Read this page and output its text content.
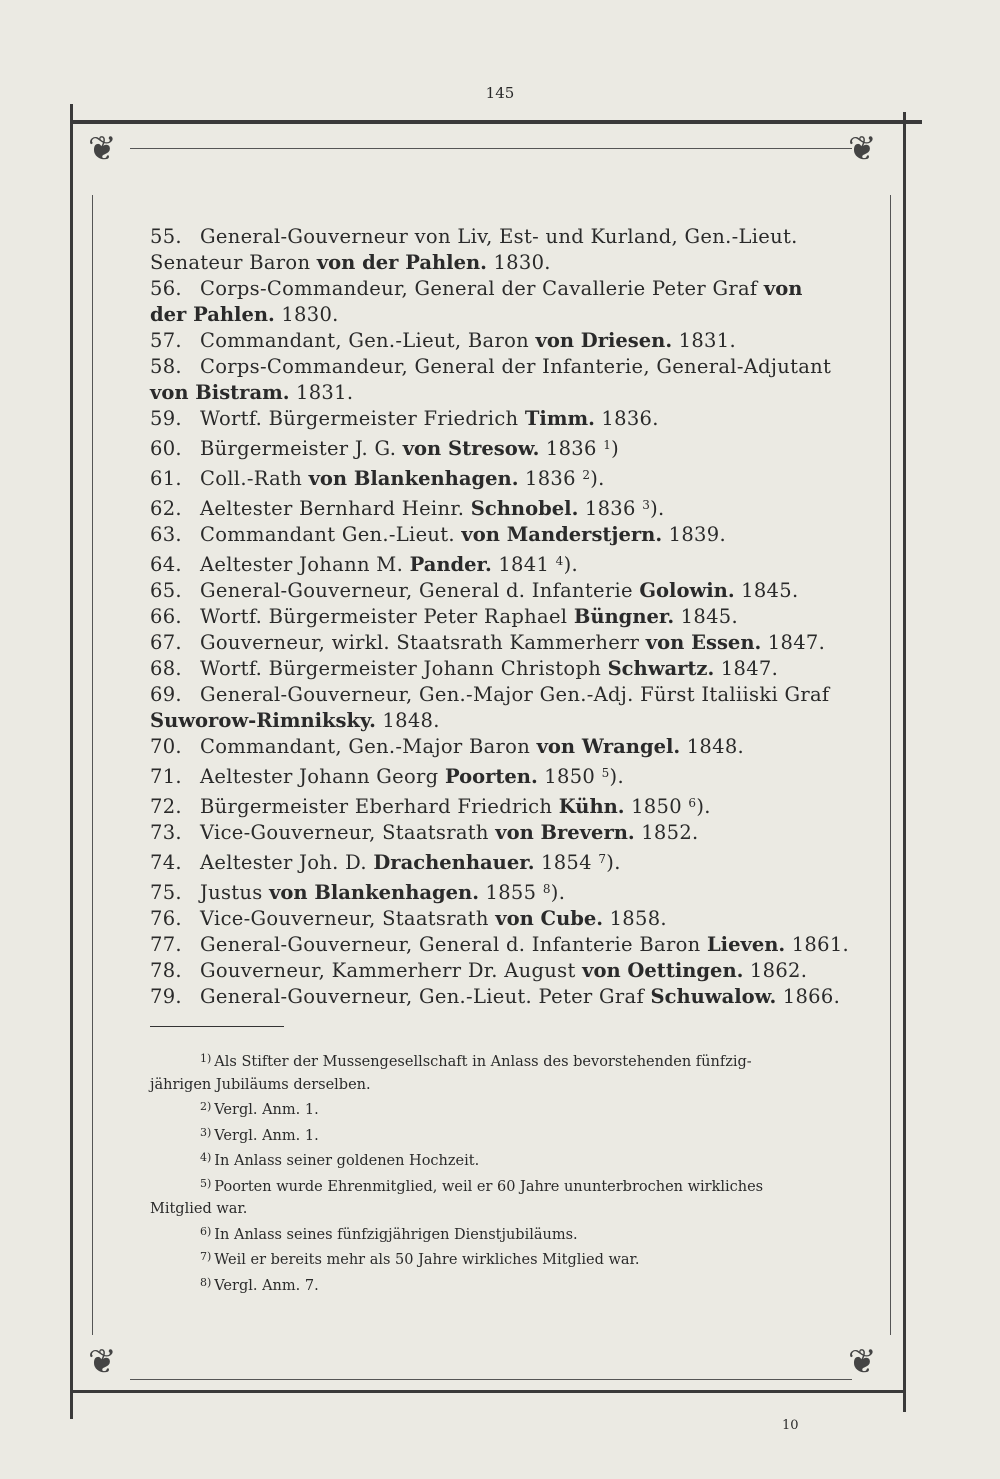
145
❦	❦
❦	❦
55. General-Gouverneur von Liv, Est- und Kurland, Gen.-Lieut.
Senateur Baron von der Pahlen. 1830.
56. Corps-Commandeur, General der Cavallerie Peter Graf von
der Pahlen. 1830.
57. Commandant, Gen.-Lieut, Baron von Driesen. 1831.
58. Corps-Commandeur, General der Infanterie, General-Adjutant
von Bistram. 1831.
59. Wortf. Bürgermeister Friedrich Timm. 1836.
60. Bürgermeister J. G. von Stresow. 1836 $^1$)
61. Coll.-Rath von Blankenhagen. 1836 $^2$).
62. Aeltester Bernhard Heinr. Schnobel. 1836 $^3$).
63. Commandant Gen.-Lieut. von Manderstjern. 1839.
64. Aeltester Johann M. Pander. 1841 $^4$).
65. General-Gouverneur, General d. Infanterie Golowin. 1845.
66. Wortf. Bürgermeister Peter Raphael Büngner. 1845.
67. Gouverneur, wirkl. Staatsrath Kammerherr von Essen. 1847.
68. Wortf. Bürgermeister Johann Christoph Schwartz. 1847.
69. General-Gouverneur, Gen.-Major Gen.-Adj. Fürst Italiiski Graf
Suworow-Rimniksky. 1848.
70. Commandant, Gen.-Major Baron von Wrangel. 1848.
71. Aeltester Johann Georg Poorten. 1850 $^5$).
72. Bürgermeister Eberhard Friedrich Kühn. 1850 $^6$).
73. Vice-Gouverneur, Staatsrath von Brevern. 1852.
74. Aeltester Joh. D. Drachenhauer. 1854 $^7$).
75. Justus von Blankenhagen. 1855 $^8$).
76. Vice-Gouverneur, Staatsrath von Cube. 1858.
77. General-Gouverneur, General d. Infanterie Baron Lieven. 1861.
78. Gouverneur, Kammerherr Dr. August von Oettingen. 1862.
79. General-Gouverneur, Gen.-Lieut. Peter Graf Schuwalow. 1866.
$^{1)}$ Als Stifter der Mussengesellschaft in Anlass des bevorstehenden fünfzig-
jährigen Jubiläums derselben.
$^{2)}$ Vergl. Anm. 1.
$^{3)}$ Vergl. Anm. 1.
$^{4)}$ In Anlass seiner goldenen Hochzeit.
$^{5)}$ Poorten wurde Ehrenmitglied, weil er 60 Jahre ununterbrochen wirkliches
Mitglied war.
$^{6)}$ In Anlass seines fünfzigjährigen Dienstjubiläums.
$^{7)}$ Weil er bereits mehr als 50 Jahre wirkliches Mitglied war.
$^{8)}$ Vergl. Anm. 7.
10
